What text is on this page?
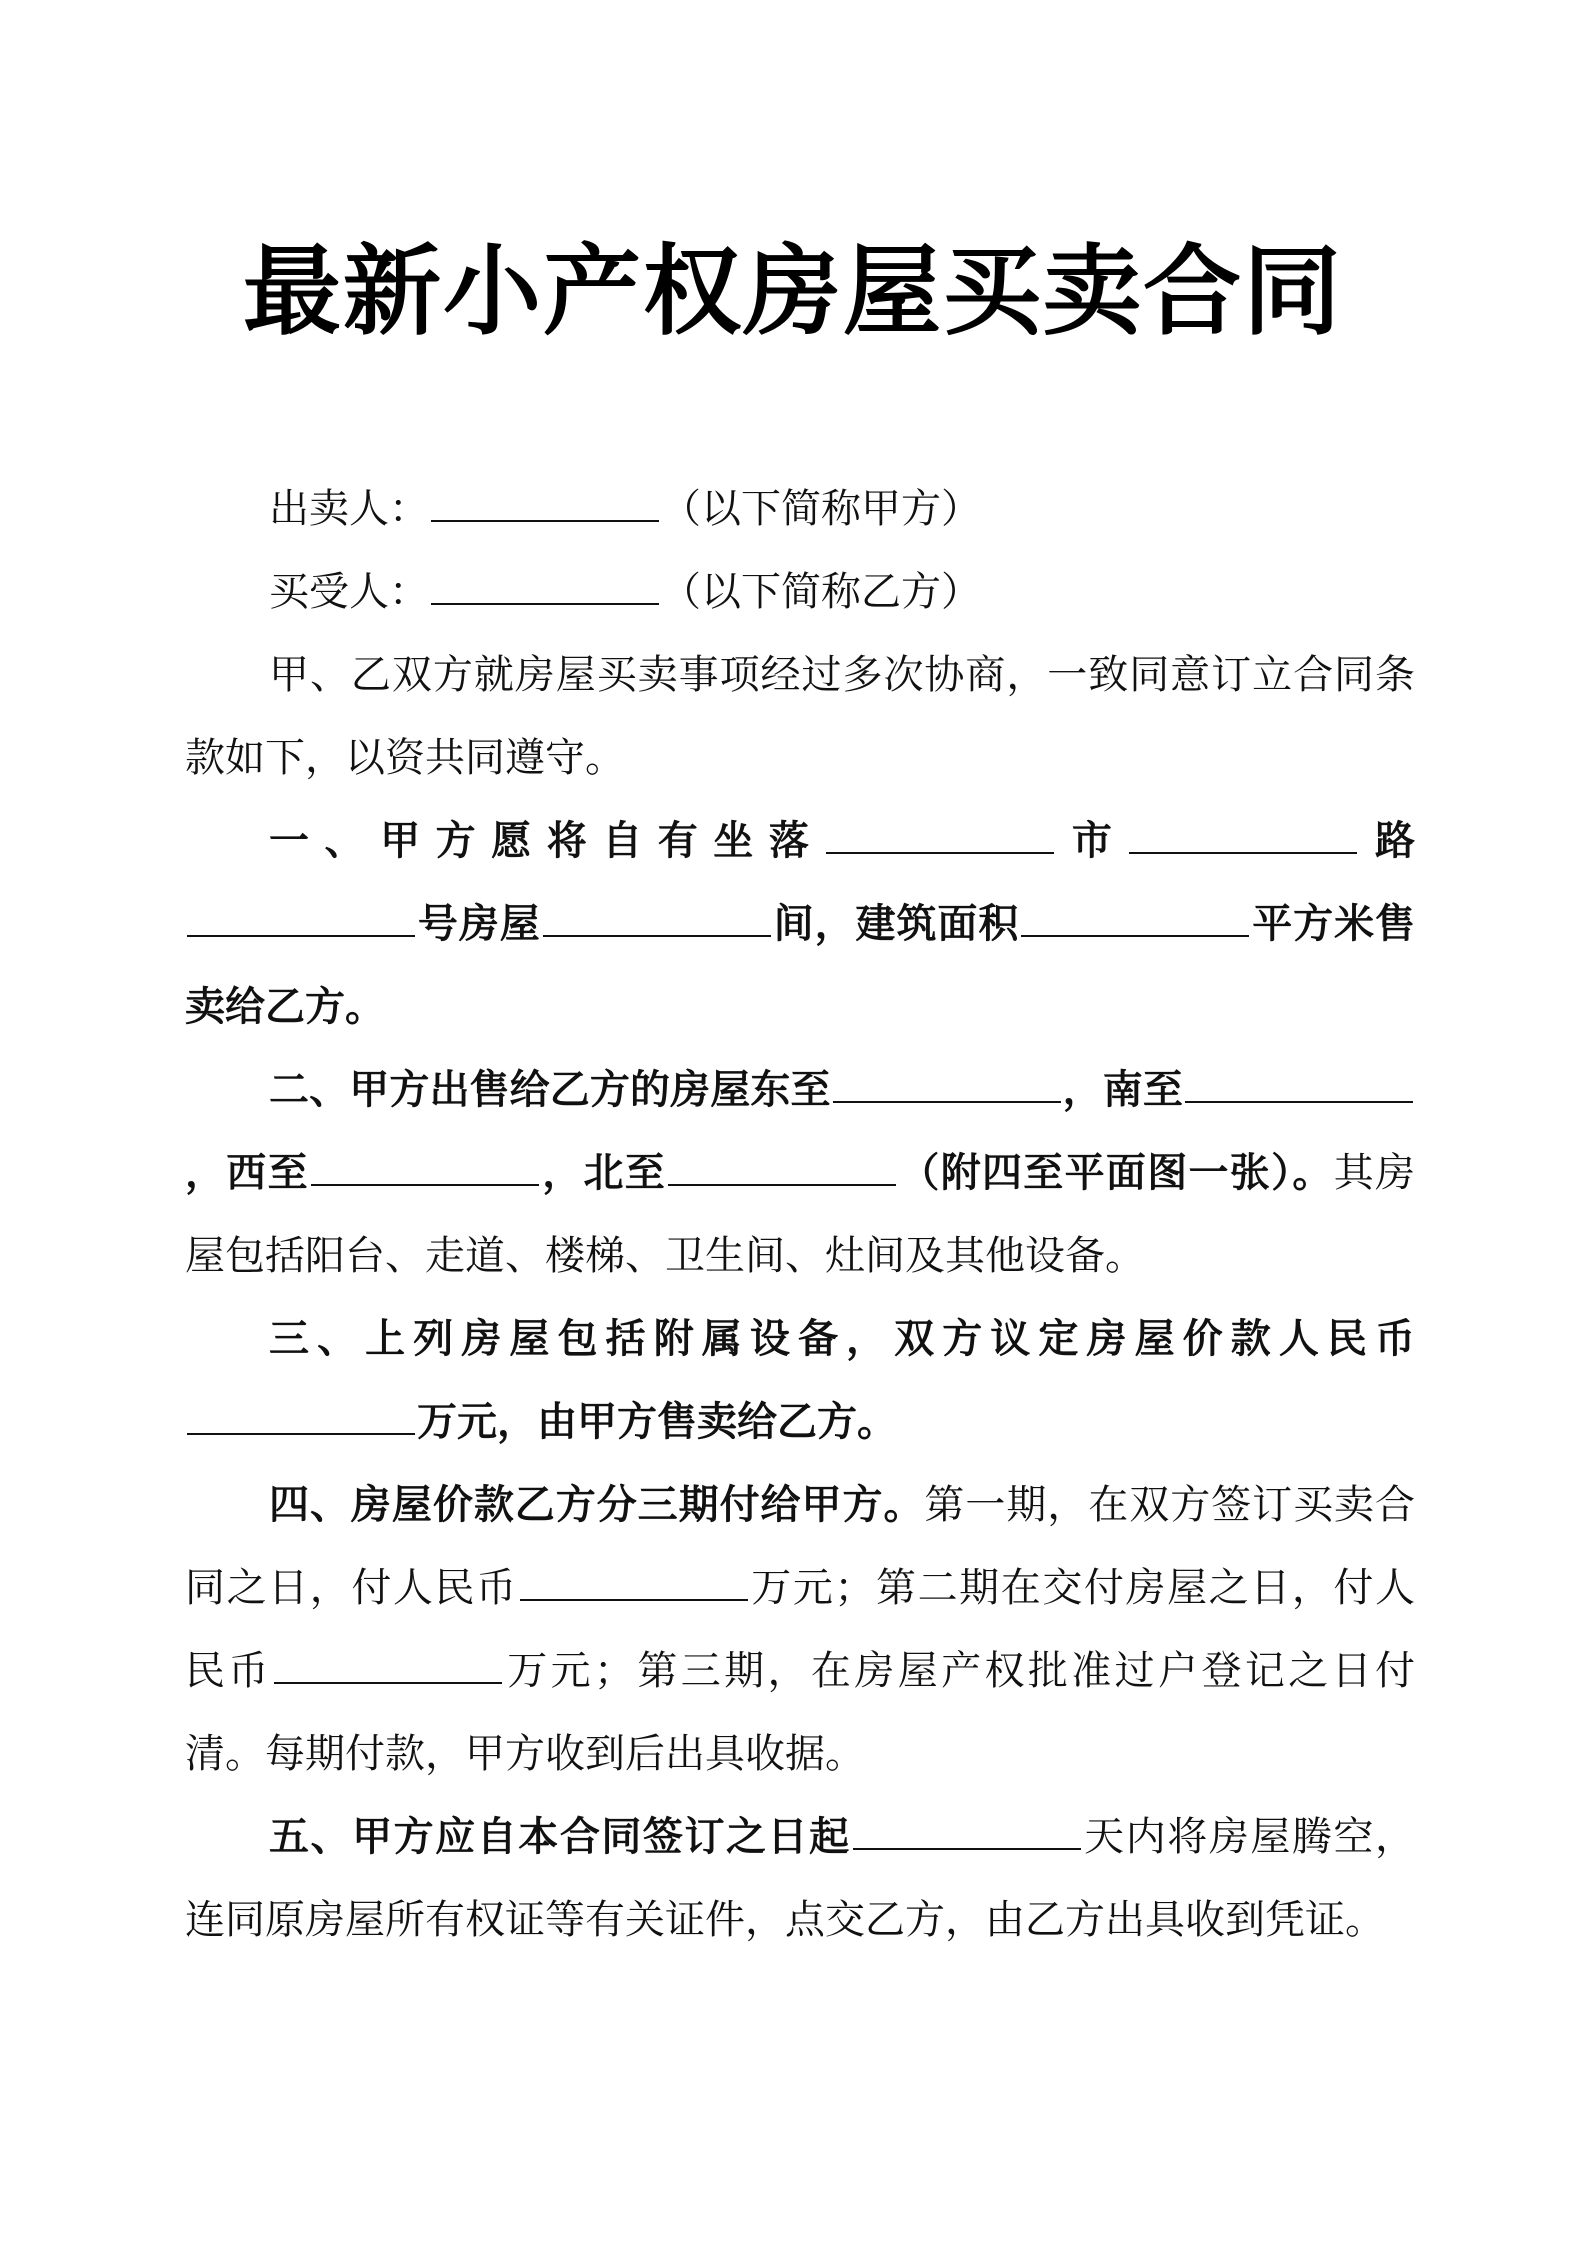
最新小产权房屋买卖合同

出卖人：	（以下简称甲方）

买受人：	（以下简称乙方）

甲、乙双方就房屋买卖事项经过多次协商，一致同意订立合同条款如下，以资共同遵守。

一、甲方愿将自有坐落	市	路号房屋	间，建筑面积	平方米售卖给乙方。

二、甲方出售给乙方的房屋东至	，南至，西至	，北至	（附四至平面图一张）。其房屋包括阳台、走道、楼梯、卫生间、灶间及其他设备。

三、上列房屋包括附属设备，双方议定房屋价款人民币万元，由甲方售卖给乙方。

四、房屋价款乙方分三期付给甲方。第一期，在双方签订买卖合同之日，付人民币	万元；第二期在交付房屋之日，付人民币	万元；第三期，在房屋产权批准过户登记之日付清。每期付款，甲方收到后出具收据。

五、甲方应自本合同签订之日起	天内将房屋腾空，连同原房屋所有权证等有关证件，点交乙方，由乙方出具收到凭证。
